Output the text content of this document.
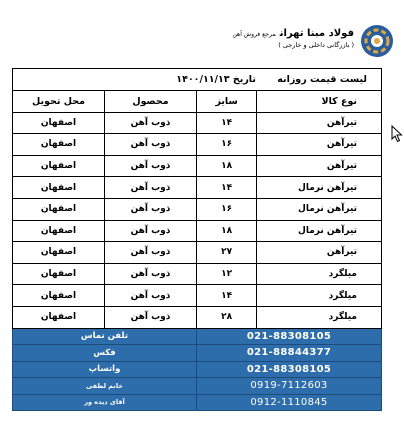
فولاد مبنا تهرانمرجع فروش آهن
( بازرگانی داخلی و خارجی )
لیست قیمت روزانه تاریخ ۱۴۰۰/۱۱/۱۳			
نوع کالا	سایز	محصول	محل تحویل
تیرآهن	۱۴	ذوب آهن	اصفهان
تیرآهن	۱۶	ذوب آهن	اصفهان
تیرآهن	۱۸	ذوب آهن	اصفهان
تیرآهن نرمال	۱۴	ذوب آهن	اصفهان
تیرآهن نرمال	۱۶	ذوب آهن	اصفهان
تیرآهن نرمال	۱۸	ذوب آهن	اصفهان
تیرآهن	۲۷	ذوب آهن	اصفهان
میلگرد	۱۲	ذوب آهن	اصفهان
میلگرد	۱۴	ذوب آهن	اصفهان
میلگرد	۲۸	ذوب آهن	اصفهان
021-88308105		تلفن تماس	
021-88844377		فکس	
021-88308105		واتساپ	
0919-7112603		خانم لطفی	
0912-1110845		آقای دیده ور	
